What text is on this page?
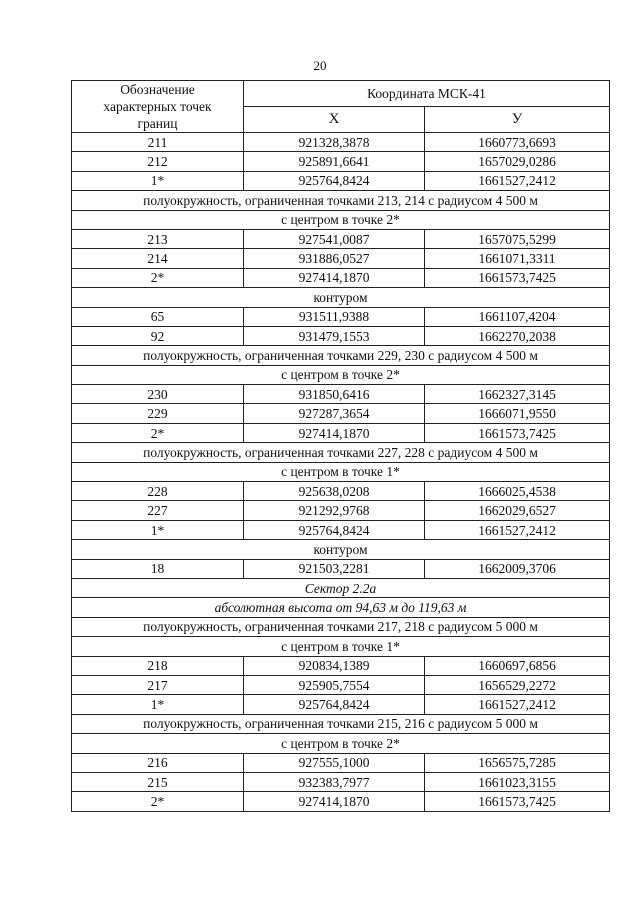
20
Обозначение
характерных точек
границ	Координата МСК-41	
	Х	У
211	921328,3878	1660773,6693
212	925891,6641	1657029,0286
1*	925764,8424	1661527,2412
полуокружность, ограниченная точками 213, 214 с радиусом 4 500 м		
с центром в точке 2*		
213	927541,0087	1657075,5299
214	931886,0527	1661071,3311
2*	927414,1870	1661573,7425
контуром		
65	931511,9388	1661107,4204
92	931479,1553	1662270,2038
полуокружность, ограниченная точками 229, 230 с радиусом 4 500 м		
с центром в точке 2*		
230	931850,6416	1662327,3145
229	927287,3654	1666071,9550
2*	927414,1870	1661573,7425
полуокружность, ограниченная точками 227, 228 с радиусом 4 500 м		
с центром в точке 1*		
228	925638,0208	1666025,4538
227	921292,9768	1662029,6527
1*	925764,8424	1661527,2412
контуром		
18	921503,2281	1662009,3706
Сектор 2.2а		
абсолютная высота от 94,63 м до 119,63 м		
полуокружность, ограниченная точками 217, 218 с радиусом 5 000 м		
с центром в точке 1*		
218	920834,1389	1660697,6856
217	925905,7554	1656529,2272
1*	925764,8424	1661527,2412
полуокружность, ограниченная точками 215, 216 с радиусом 5 000 м		
с центром в точке 2*		
216	927555,1000	1656575,7285
215	932383,7977	1661023,3155
2*	927414,1870	1661573,7425
